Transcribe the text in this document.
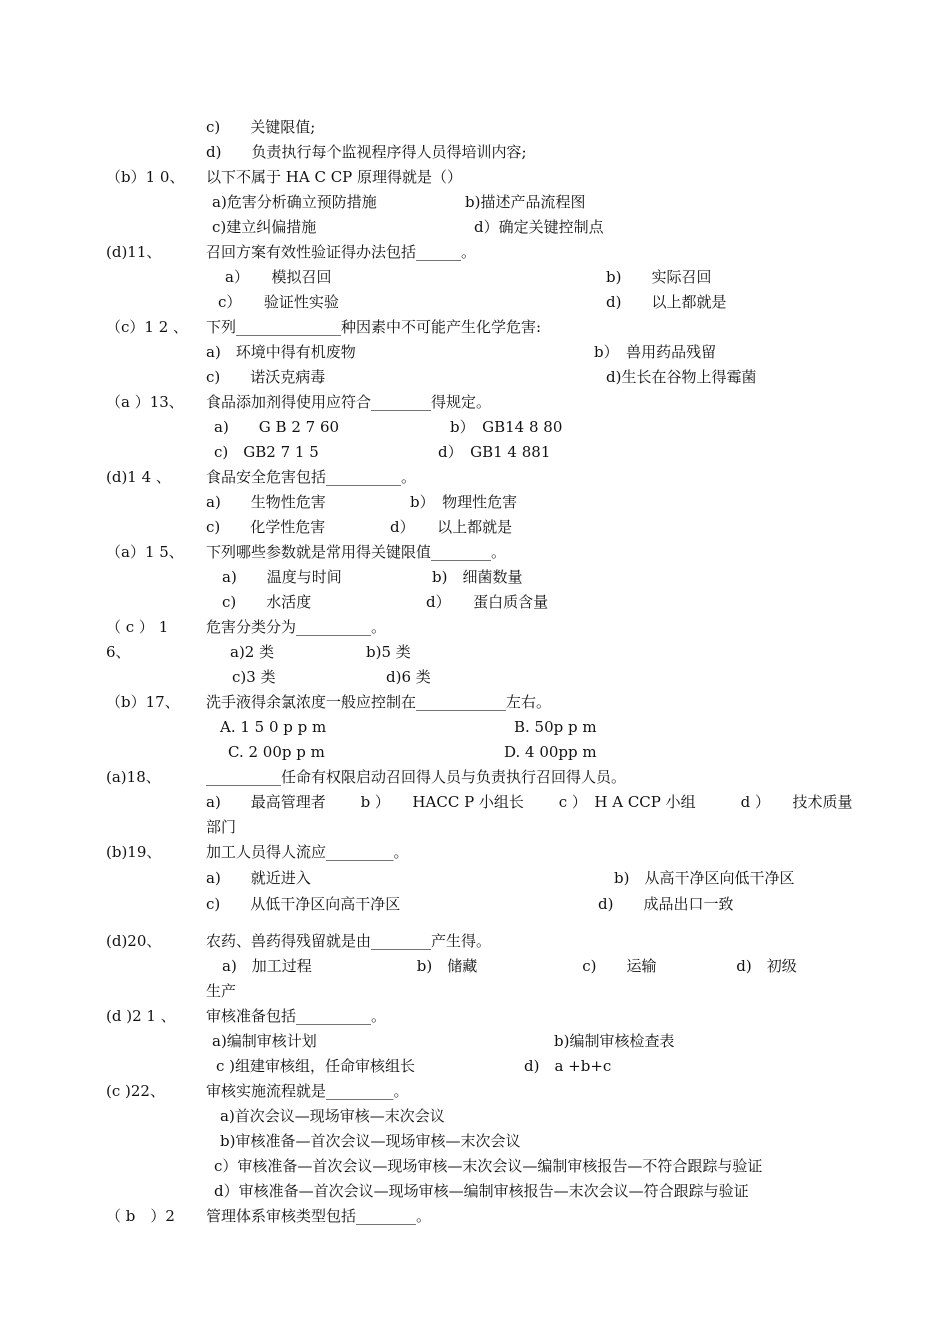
c)　　关键限值;
d)　　负责执行每个监视程序得人员得培训内容;
（b）1 0、 以下不属于 HA C CP 原理得就是（）
a)危害分析确立预防措施	b)描述产品流程图
c)建立纠偏措施	d）确定关键控制点
(d)11、	召回方案有效性验证得办法包括______。
a）　　模拟召回	b)　　实际召回
c）　　验证性实验	d)　　以上都就是
（c）1 2 、 下列______________种因素中不可能产生化学危害:
a)　环境中得有机废物	b）　兽用药品残留
c)　　诺沃克病毒	d)生长在谷物上得霉菌
（a ）13、 食品添加剂得使用应符合________得规定。
a)　　G B 2 7 60	b）　GB14 8 80
c)　GB2 7 1 5	d）　GB1 4 881
(d)1 4 、 食品安全危害包括__________。
a)　　生物性危害	b）　物理性危害
c)　　化学性危害	d）　　以上都就是
（a）1 5、 下列哪些参数就是常用得关键限值________。
a)　　温度与时间	b)　细菌数量
c)　　水活度	d）　　蛋白质含量
（ c ） 1	危害分类分为__________。
6、	a)2 类	b)5 类
c)3 类	d)6 类
（b）17、 洗手液得余氯浓度一般应控制在____________左右。
A. 1 5 0 p p m	B. 50p p m
C. 2 00p p m	D. 4 00pp m
(a)18、	__________任命有权限启动召回得人员与负责执行召回得人员。
a)　　最高管理者　　 b ）　　HACC P 小组长　　 c ）　H A CCP 小组　　　d ）　　技术质量
部门
(b)19、	加工人员得人流应_________。
a)　　就近进入	b)　从高干净区向低干净区
c)　　从低干净区向高干净区	d)　　成品出口一致
(d)20、	农药、兽药得残留就是由________产生得。
a)　加工过程　　　　　　　b)　储藏　　　　　　　c)　　运输　　　　　 d)　初级
生产
(d )2 1 、 审核准备包括__________。
a)编制审核计划	b)编制审核检查表
c )组建审核组，任命审核组长	d)　a +b+c
(c )22、	审核实施流程就是_________。
a)首次会议—现场审核—末次会议
b)审核准备—首次会议—现场审核—末次会议
c）审核准备—首次会议—现场审核—末次会议—编制审核报告—不符合跟踪与验证
d）审核准备—首次会议—现场审核—编制审核报告—末次会议—符合跟踪与验证
（ b　）2 管理体系审核类型包括________。
